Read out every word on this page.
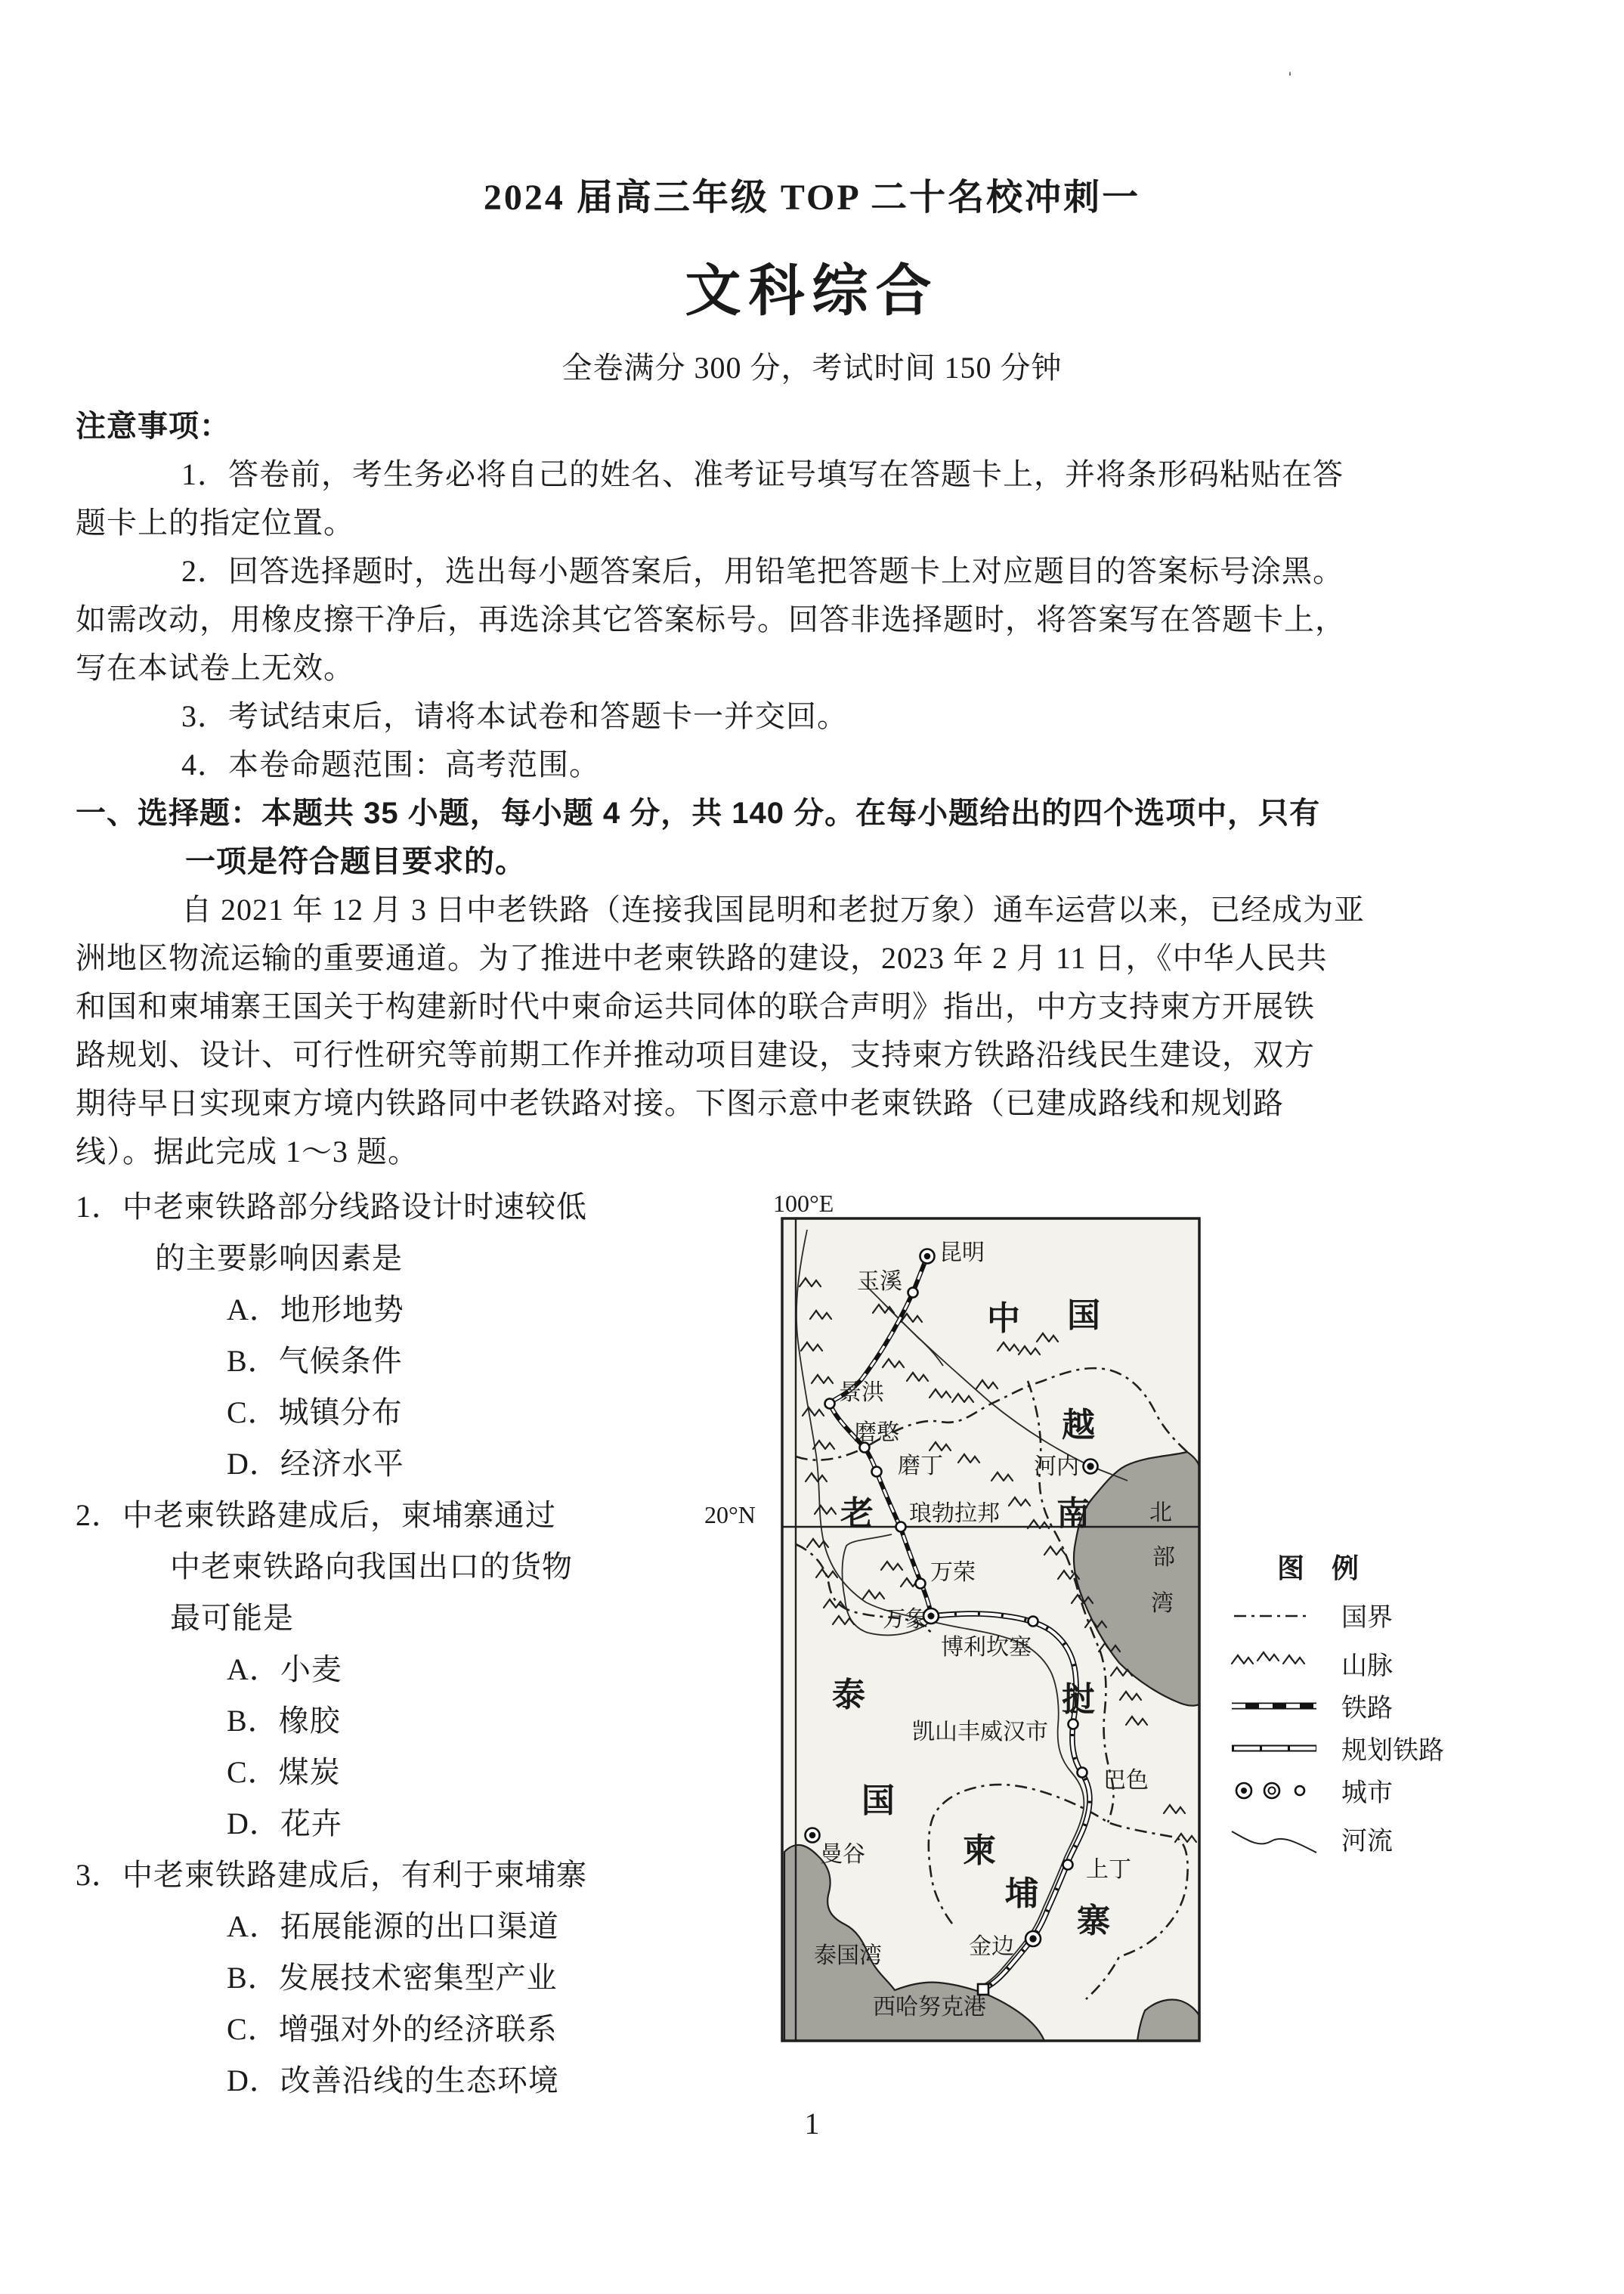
2024 届高三年级 TOP 二十名校冲刺一
ˈ
文科综合
全卷满分 300 分，考试时间 150 分钟
注意事项：
1．答卷前，考生务必将自己的姓名、准考证号填写在答题卡上，并将条形码粘贴在答
题卡上的指定位置。
2．回答选择题时，选出每小题答案后，用铅笔把答题卡上对应题目的答案标号涂黑。
如需改动，用橡皮擦干净后，再选涂其它答案标号。回答非选择题时，将答案写在答题卡上，
写在本试卷上无效。
3．考试结束后，请将本试卷和答题卡一并交回。
4．本卷命题范围：高考范围。
一、选择题：本题共 35 小题，每小题 4 分，共 140 分。在每小题给出的四个选项中，只有
一项是符合题目要求的。
自 2021 年 12 月 3 日中老铁路（连接我国昆明和老挝万象）通车运营以来，已经成为亚
洲地区物流运输的重要通道。为了推进中老柬铁路的建设，2023 年 2 月 11 日，《中华人民共
和国和柬埔寨王国关于构建新时代中柬命运共同体的联合声明》指出，中方支持柬方开展铁
路规划、设计、可行性研究等前期工作并推动项目建设，支持柬方铁路沿线民生建设，双方
期待早日实现柬方境内铁路同中老铁路对接。下图示意中老柬铁路（已建成路线和规划路
线）。据此完成 1～3 题。
1．中老柬铁路部分线路设计时速较低
的主要影响因素是
A．地形地势
B．气候条件
C．城镇分布
D．经济水平
2．中老柬铁路建成后，柬埔寨通过
中老柬铁路向我国出口的货物
最可能是
A．小麦
B．橡胶
C．煤炭
D．花卉
3．中老柬铁路建成后，有利于柬埔寨
A．拓展能源的出口渠道
B．发展技术密集型产业
C．增强对外的经济联系
D．改善沿线的生态环境
100°E
20°N
昆明
玉溪
景洪
磨憨
磨丁
琅勃拉邦
万荣
万象
博利坎塞
凯山丰威汉市
巴色
河内
曼谷
金边
上丁
西哈努克港
中 国
越
南
老
挝
泰
国
柬
埔
寨
北
部
湾
泰国湾
图　例
国界
山脉
铁路
规划铁路
城市
河流
1
